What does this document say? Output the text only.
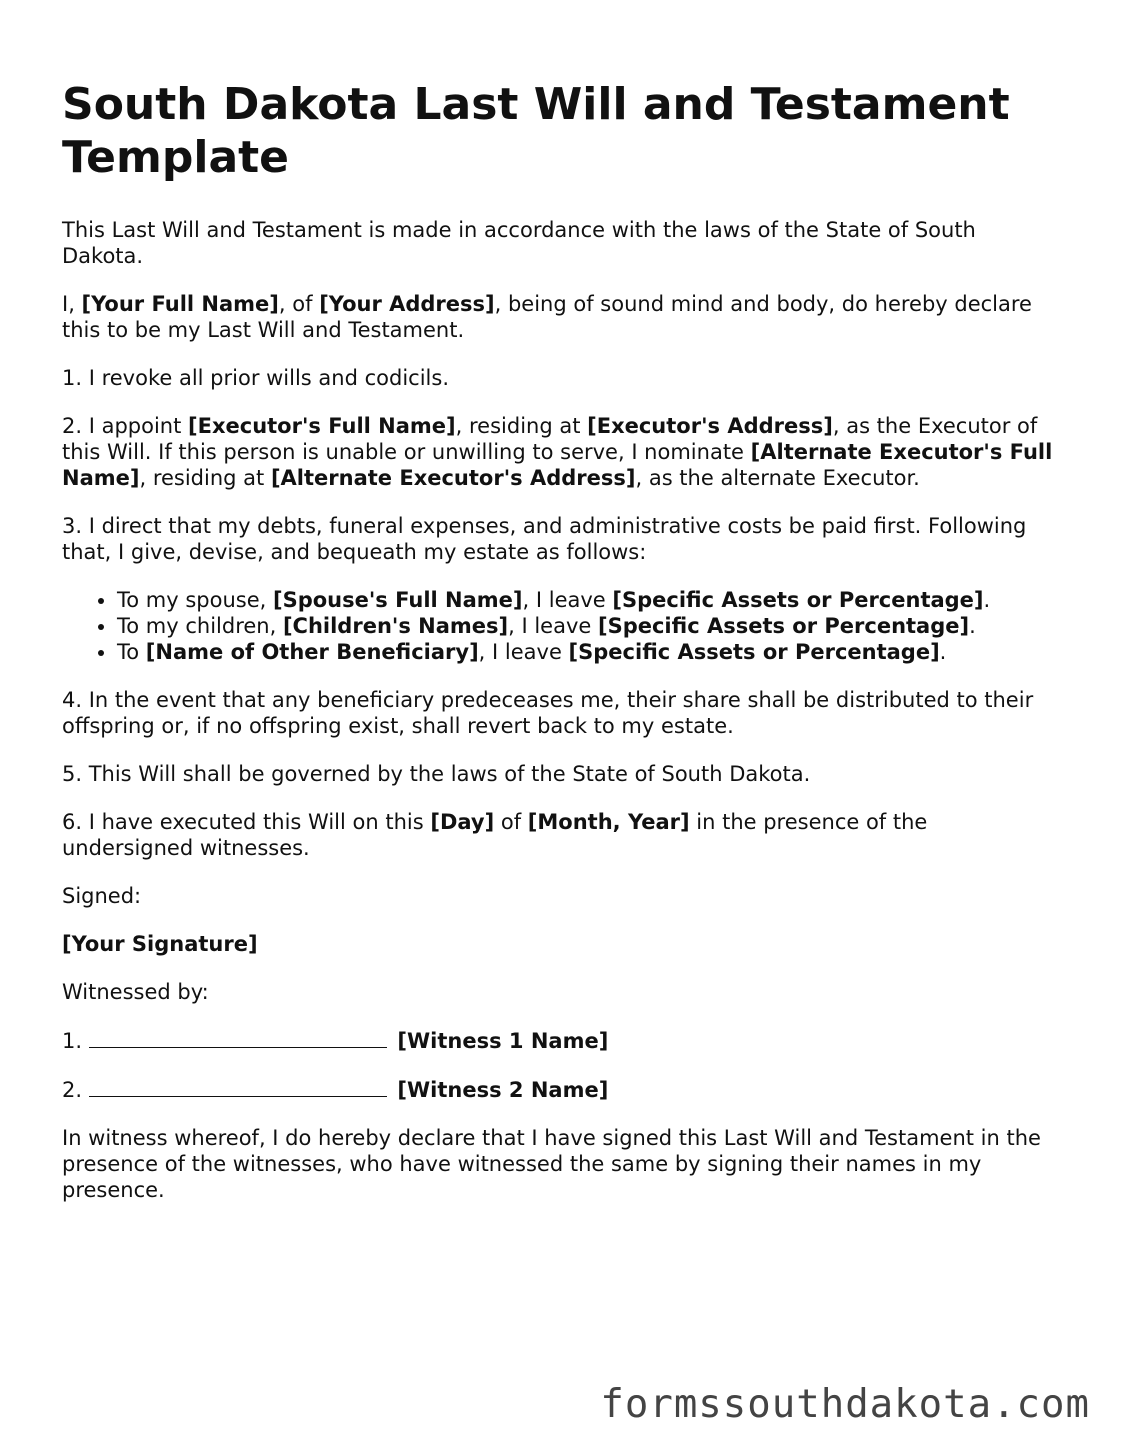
South Dakota Last Will and Testament Template

This Last Will and Testament is made in accordance with the laws of the State of South Dakota.

I, [Your Full Name], of [Your Address], being of sound mind and body, do hereby declare this to be my Last Will and Testament.

1. I revoke all prior wills and codicils.

2. I appoint [Executor's Full Name], residing at [Executor's Address], as the Executor of this Will. If this person is unable or unwilling to serve, I nominate [Alternate Executor's Full Name], residing at [Alternate Executor's Address], as the alternate Executor.

3. I direct that my debts, funeral expenses, and administrative costs be paid first. Following that, I give, devise, and bequeath my estate as follows:

• To my spouse, [Spouse's Full Name], I leave [Specific Assets or Percentage].
• To my children, [Children's Names], I leave [Specific Assets or Percentage].
• To [Name of Other Beneficiary], I leave [Specific Assets or Percentage].

4. In the event that any beneficiary predeceases me, their share shall be distributed to their offspring or, if no offspring exist, shall revert back to my estate.

5. This Will shall be governed by the laws of the State of South Dakota.

6. I have executed this Will on this [Day] of [Month, Year] in the presence of the undersigned witnesses.

Signed:

[Your Signature]

Witnessed by:

1.	[Witness 1 Name]

2.	[Witness 2 Name]

In witness whereof, I do hereby declare that I have signed this Last Will and Testament in the presence of the witnesses, who have witnessed the same by signing their names in my presence.

formssouthdakota.com
